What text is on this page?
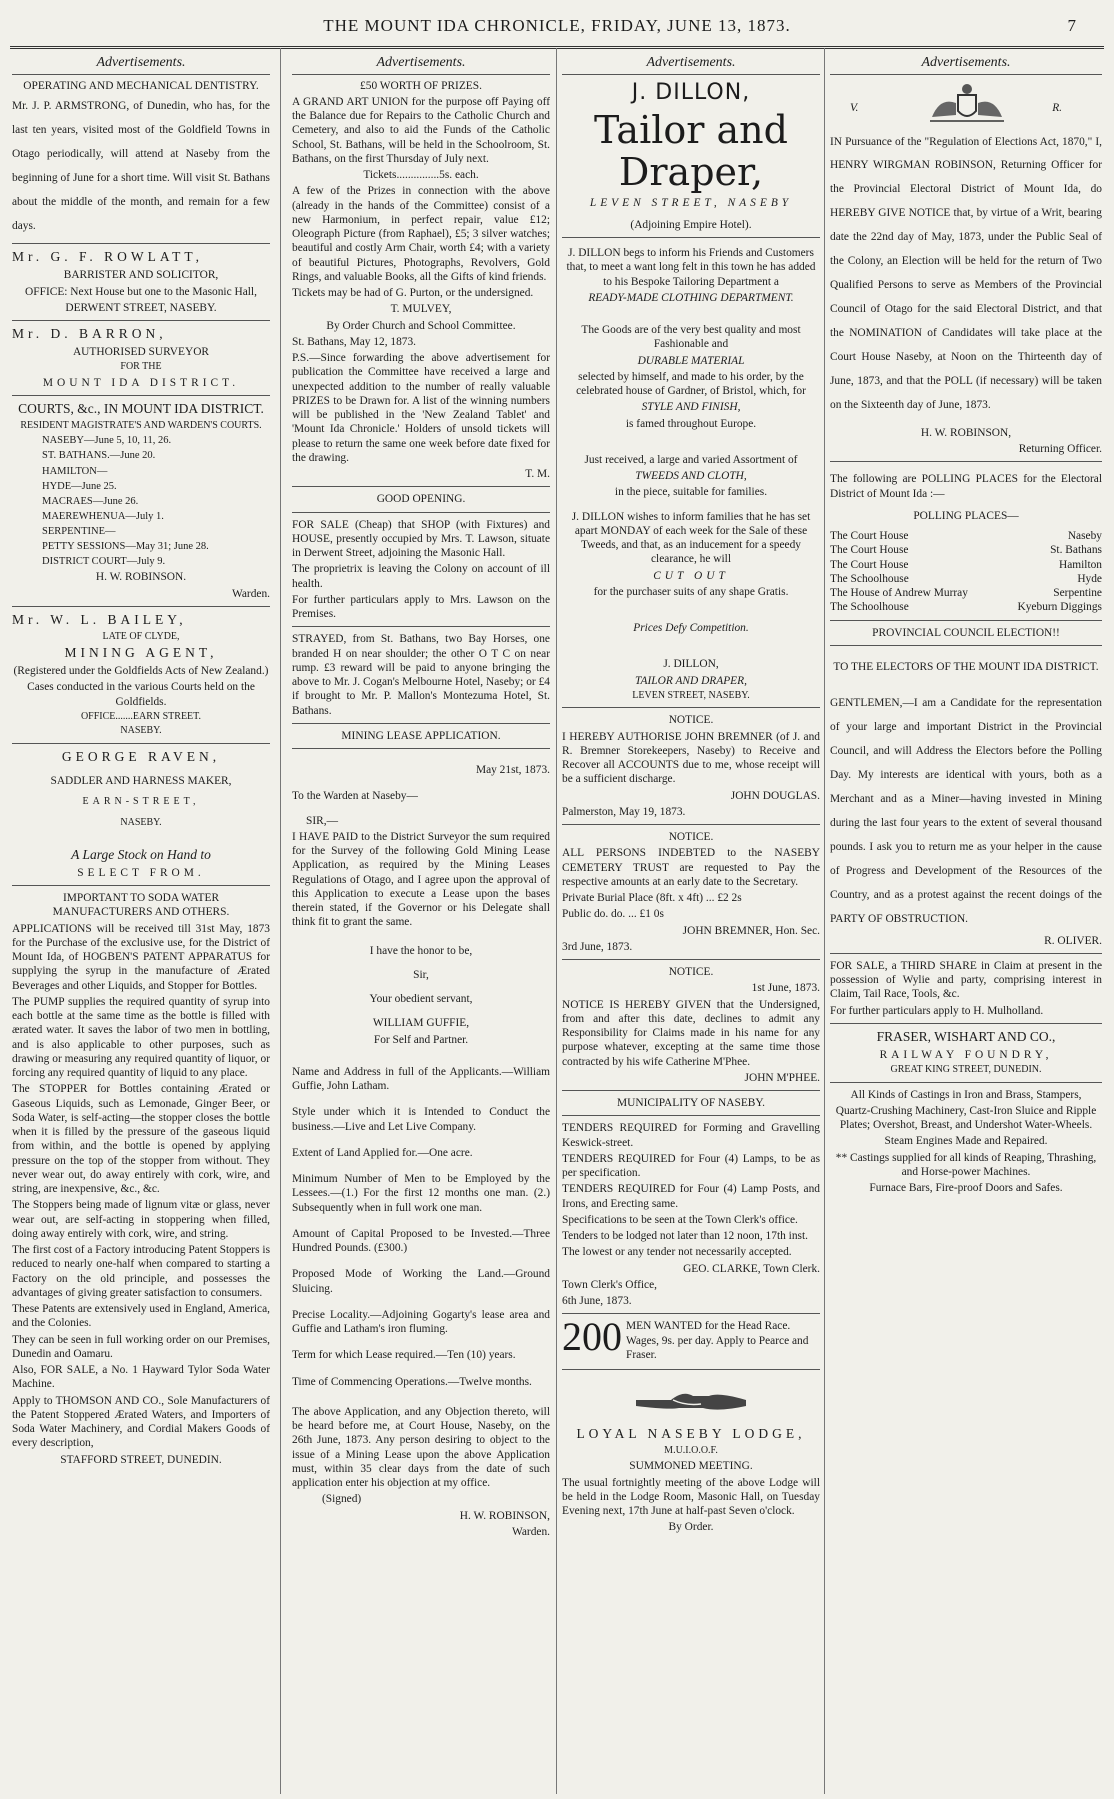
THE MOUNT IDA CHRONICLE, FRIDAY, JUNE 13, 1873.	7
Advertisements.

OPERATING AND MECHANICAL DENTISTRY.

Mr. J. P. ARMSTRONG, of Dunedin, who has, for the last ten years, visited most of the Goldfield Towns in Otago periodically, will attend at Naseby from the beginning of June for a short time. Will visit St. Bathans about the middle of the month, and remain for a few days.

Mr. G. F. ROWLATT,

BARRISTER AND SOLICITOR,

OFFICE: Next House but one to the Masonic Hall,

DERWENT STREET, NASEBY.

Mr. D. BARRON,

AUTHORISED SURVEYOR

FOR THE

MOUNT IDA DISTRICT.

COURTS, &c., IN MOUNT IDA DISTRICT.

RESIDENT MAGISTRATE'S AND WARDEN'S COURTS.

NASEBY—June 5, 10, 11, 26.

ST. BATHANS.—June 20.

HAMILTON—

HYDE—June 25.

MACRAES—June 26.

MAEREWHENUA—July 1.

SERPENTINE—

PETTY SESSIONS—May 31; June 28.

DISTRICT COURT—July 9.

H. W. ROBINSON.

Warden.

Mr. W. L. BAILEY,

LATE OF CLYDE,

MINING AGENT,

(Registered under the Goldfields Acts of New Zealand.)

Cases conducted in the various Courts held on the Goldfields.

OFFICE.......EARN STREET.

NASEBY.

GEORGE RAVEN,

SADDLER AND HARNESS MAKER,

EARN-STREET,

NASEBY.

A Large Stock on Hand to

SELECT FROM.

IMPORTANT TO SODA WATER MANUFACTURERS AND OTHERS.

APPLICATIONS will be received till 31st May, 1873 for the Purchase of the exclusive use, for the District of Mount Ida, of HOGBEN'S PATENT APPARATUS for supplying the syrup in the manufacture of Ærated Beverages and other Liquids, and Stopper for Bottles.

The PUMP supplies the required quantity of syrup into each bottle at the same time as the bottle is filled with ærated water. It saves the labor of two men in bottling, and is also applicable to other purposes, such as drawing or measuring any required quantity of liquor, or forcing any required quantity of liquid to any place.

The STOPPER for Bottles containing Ærated or Gaseous Liquids, such as Lemonade, Ginger Beer, or Soda Water, is self-acting—the stopper closes the bottle when it is filled by the pressure of the gaseous liquid from within, and the bottle is opened by applying pressure on the top of the stopper from without. They never wear out, do away entirely with cork, wire, and string, are inexpensive, &c., &c.

The Stoppers being made of lignum vitæ or glass, never wear out, are self-acting in stoppering when filled, doing away entirely with cork, wire, and string.

The first cost of a Factory introducing Patent Stoppers is reduced to nearly one-half when compared to starting a Factory on the old principle, and possesses the advantages of giving greater satisfaction to consumers.

These Patents are extensively used in England, America, and the Colonies.

They can be seen in full working order on our Premises, Dunedin and Oamaru.

Also, FOR SALE, a No. 1 Hayward Tylor Soda Water Machine.

Apply to THOMSON AND CO., Sole Manufacturers of the Patent Stoppered Ærated Waters, and Importers of Soda Water Machinery, and Cordial Makers Goods of every description,

STAFFORD STREET, DUNEDIN.

Advertisements.

£50 WORTH OF PRIZES.

A GRAND ART UNION for the purpose off Paying off the Balance due for Repairs to the Catholic Church and Cemetery, and also to aid the Funds of the Catholic School, St. Bathans, will be held in the Schoolroom, St. Bathans, on the first Thursday of July next.

Tickets...............5s. each.

A few of the Prizes in connection with the above (already in the hands of the Committee) consist of a new Harmonium, in perfect repair, value £12; Oleograph Picture (from Raphael), £5; 3 silver watches; beautiful and costly Arm Chair, worth £4; with a variety of beautiful Pictures, Photographs, Revolvers, Gold Rings, and valuable Books, all the Gifts of kind friends.

Tickets may be had of G. Purton, or the undersigned.

T. MULVEY,

By Order Church and School Committee.

St. Bathans, May 12, 1873.

P.S.—Since forwarding the above advertisement for publication the Committee have received a large and unexpected addition to the number of really valuable PRIZES to be Drawn for. A list of the winning numbers will be published in the 'New Zealand Tablet' and 'Mount Ida Chronicle.' Holders of unsold tickets will please to return the same one week before date fixed for the drawing.

T. M.

GOOD OPENING.

FOR SALE (Cheap) that SHOP (with Fixtures) and HOUSE, presently occupied by Mrs. T. Lawson, situate in Derwent Street, adjoining the Masonic Hall.

The proprietrix is leaving the Colony on account of ill health.

For further particulars apply to Mrs. Lawson on the Premises.

STRAYED, from St. Bathans, two Bay Horses, one branded H on near shoulder; the other O T C on near rump. £3 reward will be paid to anyone bringing the above to Mr. J. Cogan's Melbourne Hotel, Naseby; or £4 if brought to Mr. P. Mallon's Montezuma Hotel, St. Bathans.

MINING LEASE APPLICATION.

May 21st, 1873.

To the Warden at Naseby—

SIR,—

I HAVE PAID to the District Surveyor the sum required for the Survey of the following Gold Mining Lease Application, as required by the Mining Leases Regulations of Otago, and I agree upon the approval of this Application to execute a Lease upon the bases therein stated, if the Governor or his Delegate shall think fit to grant the same.

I have the honor to be,

Sir,

Your obedient servant,

WILLIAM GUFFIE,

For Self and Partner.

Name and Address in full of the Applicants.—William Guffie, John Latham.

Style under which it is Intended to Conduct the business.—Live and Let Live Company.

Extent of Land Applied for.—One acre.

Minimum Number of Men to be Employed by the Lessees.—(1.) For the first 12 months one man. (2.) Subsequently when in full work one man.

Amount of Capital Proposed to be Invested.—Three Hundred Pounds. (£300.)

Proposed Mode of Working the Land.—Ground Sluicing.

Precise Locality.—Adjoining Gogarty's lease area and Guffie and Latham's iron fluming.

Term for which Lease required.—Ten (10) years.

Time of Commencing Operations.—Twelve months.

The above Application, and any Objection thereto, will be heard before me, at Court House, Naseby, on the 26th June, 1873. Any person desiring to object to the issue of a Mining Lease upon the above Application must, within 35 clear days from the date of such application enter his objection at my office.

(Signed)

H. W. ROBINSON,

Warden.

Advertisements.
J. DILLON,
Tailor and Draper,

LEVEN STREET, NASEBY

(Adjoining Empire Hotel).

J. DILLON begs to inform his Friends and Customers that, to meet a want long felt in this town he has added to his Bespoke Tailoring Department a

READY-MADE CLOTHING DEPARTMENT.

The Goods are of the very best quality and most Fashionable and

DURABLE MATERIAL

selected by himself, and made to his order, by the celebrated house of Gardner, of Bristol, which, for

STYLE AND FINISH,

is famed throughout Europe.

Just received, a large and varied Assortment of

TWEEDS AND CLOTH,

in the piece, suitable for families.

J. DILLON wishes to inform families that he has set apart MONDAY of each week for the Sale of these Tweeds, and that, as an inducement for a speedy clearance, he will

CUT OUT

for the purchaser suits of any shape Gratis.

Prices Defy Competition.

J. DILLON,

TAILOR AND DRAPER,

LEVEN STREET, NASEBY.

NOTICE.

I HEREBY AUTHORISE JOHN BREMNER (of J. and R. Bremner Storekeepers, Naseby) to Receive and Recover all ACCOUNTS due to me, whose receipt will be a sufficient discharge.

JOHN DOUGLAS.

Palmerston, May 19, 1873.

NOTICE.

ALL PERSONS INDEBTED to the NASEBY CEMETERY TRUST are requested to Pay the respective amounts at an early date to the Secretary.

Private Burial Place (8ft. x 4ft) ... £2 2s

Public do. do. ... £1 0s

JOHN BREMNER, Hon. Sec.

3rd June, 1873.

NOTICE.

1st June, 1873.

NOTICE IS HEREBY GIVEN that the Undersigned, from and after this date, declines to admit any Responsibility for Claims made in his name for any purpose whatever, excepting at the same time those contracted by his wife Catherine M'Phee.

JOHN M'PHEE.

MUNICIPALITY OF NASEBY.

TENDERS REQUIRED for Forming and Gravelling Keswick-street.

TENDERS REQUIRED for Four (4) Lamps, to be as per specification.

TENDERS REQUIRED for Four (4) Lamp Posts, and Irons, and Erecting same.

Specifications to be seen at the Town Clerk's office.

Tenders to be lodged not later than 12 noon, 17th inst.

The lowest or any tender not necessarily accepted.

GEO. CLARKE, Town Clerk.

Town Clerk's Office,

6th June, 1873.

200 MEN WANTED for the Head Race. Wages, 9s. per day. Apply to Pearce and Fraser.

LOYAL NASEBY LODGE,

M.U.I.O.O.F.

SUMMONED MEETING.

The usual fortnightly meeting of the above Lodge will be held in the Lodge Room, Masonic Hall, on Tuesday Evening next, 17th June at half-past Seven o'clock.

By Order.

Advertisements.
V.	R.

IN Pursuance of the "Regulation of Elections Act, 1870," I, HENRY WIRGMAN ROBINSON, Returning Officer for the Provincial Electoral District of Mount Ida, do HEREBY GIVE NOTICE that, by virtue of a Writ, bearing date the 22nd day of May, 1873, under the Public Seal of the Colony, an Election will be held for the return of Two Qualified Persons to serve as Members of the Provincial Council of Otago for the said Electoral District, and that the NOMINATION of Candidates will take place at the Court House Naseby, at Noon on the Thirteenth day of June, 1873, and that the POLL (if necessary) will be taken on the Sixteenth day of June, 1873.

H. W. ROBINSON,

Returning Officer.

The following are POLLING PLACES for the Electoral District of Mount Ida :—

POLLING PLACES—

The Court House	Naseby
The Court House	St. Bathans
The Court House	Hamilton
The Schoolhouse	Hyde
The House of Andrew Murray	Serpentine
The Schoolhouse	Kyeburn Diggings

PROVINCIAL COUNCIL ELECTION!!

TO THE ELECTORS OF THE MOUNT IDA DISTRICT.

GENTLEMEN,—I am a Candidate for the representation of your large and important District in the Provincial Council, and will Address the Electors before the Polling Day. My interests are identical with yours, both as a Merchant and as a Miner—having invested in Mining during the last four years to the extent of several thousand pounds. I ask you to return me as your helper in the cause of Progress and Development of the Resources of the Country, and as a protest against the recent doings of the PARTY OF OBSTRUCTION.

R. OLIVER.

FOR SALE, a THIRD SHARE in Claim at present in the possession of Wylie and party, comprising interest in Claim, Tail Race, Tools, &c.

For further particulars apply to H. Mulholland.

FRASER, WISHART AND CO.,

RAILWAY FOUNDRY,

GREAT KING STREET, DUNEDIN.

All Kinds of Castings in Iron and Brass, Stampers,

Quartz-Crushing Machinery, Cast-Iron Sluice and Ripple Plates; Overshot, Breast, and Undershot Water-Wheels.

Steam Engines Made and Repaired.

** Castings supplied for all kinds of Reaping, Thrashing, and Horse-power Machines.

Furnace Bars, Fire-proof Doors and Safes.
